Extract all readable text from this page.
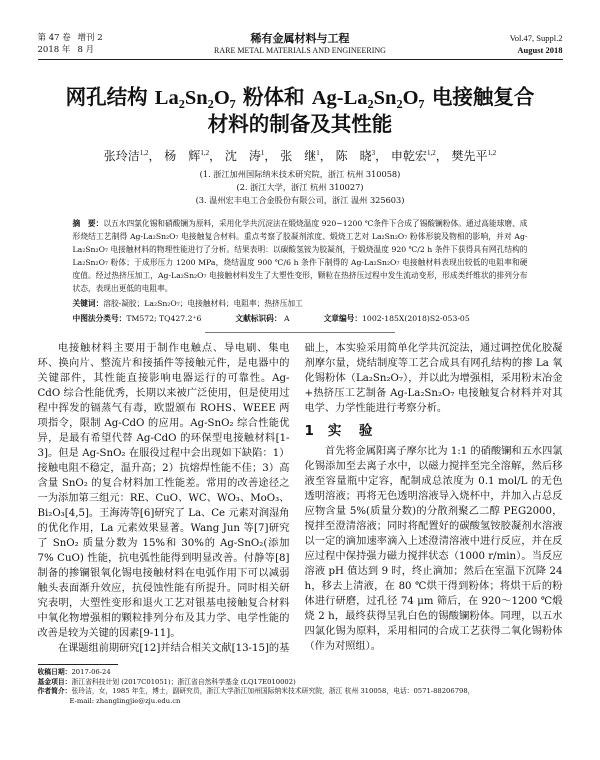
第 47 卷 增刊 2
2018 年 8 月
稀有金属材料与工程
RARE METAL MATERIALS AND ENGINEERING
Vol.47, Suppl.2
August 2018
网孔结构 La₂Sn₂O₇ 粉体和 Ag-La₂Sn₂O₇ 电接触复合
材料的制备及其性能
张玲洁$^{1,2}$， 杨　辉$^{1,2}$， 沈　涛$^1$， 张　继$^1$， 陈　晓$^3$， 申乾宏$^{1,2}$， 樊先平$^{1,2}$
(1. 浙江加州国际纳米技术研究院，浙江 杭州 310058)
(2. 浙江大学，浙江 杭州 310027)
(3. 温州宏丰电工合金股份有限公司，浙江 温州 325603)
摘　要：以五水四氯化锡和硝酸镧为原料，采用化学共沉淀法在煅烧温度 920~1200 ℃条件下合成了锡酸镧粉体。通过高能球磨、成形烧结工艺制得 Ag-La₂Sn₂O₇ 电接触复合材料。重点考察了胶凝剂浓度、煅烧工艺对 La₂Sn₂O₇ 粉体形貌及物相的影响，并对 Ag-La₂Sn₂O₇ 电接触材料的物理性能进行了分析。结果表明：以碳酸氢铵为胶凝剂，于煅烧温度 920 ℃/2 h 条件下获得具有网孔结构的 La₂Sn₂O₇ 粉体；于成形压力 1200 MPa，烧结温度 900 ℃/6 h 条件下制得的 Ag-La₂Sn₂O₇ 电接触材料表现出较低的电阻率和硬度值。经过热挤压加工，Ag-La₂Sn₂O₇ 电接触材料发生了大塑性变形，颗粒在热挤压过程中发生流动变形，形成类纤维状的排列分布状态，表现出更低的电阻率。
关键词：溶胶-凝胶；La₂Sn₂O₇；电接触材料；电阻率；热挤压加工
中图法分类号：TM572; TQ427.2⁺6	文献标识码： A	文章编号：1002-185X(2018)S2-053-05

电接触材料主要用于制作电触点、导电刷、集电环、换向片、整流片和接插件等接触元件，是电器中的关键部件，其性能直接影响电器运行的可靠性。Ag-CdO 综合性能优秀，长期以来被广泛使用，但是使用过程中挥发的镉蒸气有毒，欧盟颁布 ROHS、WEEE 两项指令，限制 Ag-CdO 的应用。Ag-SnO₂ 综合性能优异，是最有希望代替 Ag-CdO 的环保型电接触材料[1-3]。但是 Ag-SnO₂ 在服役过程中会出现如下缺陷：1）接触电阻不稳定，温升高；2）抗熔焊性能不佳；3）高含量 SnO₂ 的复合材料加工性能差。常用的改善途径之一为添加第三组元：RE、CuO、WC、WO₃、MoO₃、Bi₂O₃[4,5]。王海涛等[6]研究了 La、Ce 元素对润湿角的优化作用，La 元素效果显著。Wang Jun 等[7]研究了 SnO₂ 质量分数为 15%和 30%的 Ag-SnO₂(添加 7% CuO) 性能，抗电弧性能得到明显改善。付静等[8]制备的掺镧银氧化锡电接触材料在电弧作用下可以减弱触头表面渐升效应，抗侵蚀性能有所提升。同时相关研究表明，大塑性变形和退火工艺对银基电接触复合材料中氧化物增强相的颗粒排列分布及其力学、电学性能的改善是较为关键的因素[9-11]。

在课题组前期研究[12]并结合相关文献[13-15]的基

础上，本实验采用简单化学共沉淀法，通过调控优化胶凝剂摩尔量，烧结制度等工艺合成具有网孔结构的掺 La 氧化锡粉体（La₂Sn₂O₇），并以此为增强相，采用粉末冶金+热挤压工艺制备 Ag-La₂Sn₂O₇ 电接触复合材料并对其电学、力学性能进行考察分析。

1 实　验

首先将金属阳离子摩尔比为 1:1 的硝酸镧和五水四氯化锡添加至去离子水中，以磁力搅拌至完全溶解，然后移液至容量瓶中定容，配制成总浓度为 0.1 mol/L 的无色透明溶液；再将无色透明溶液导入烧杯中，并加入占总反应物含量 5%(质量分数)的分散剂聚乙二醇 PEG2000，搅拌至澄清溶液；同时将配置好的碳酸氢铵胶凝剂水溶液以一定的滴加速率滴入上述澄清溶液中进行反应，并在反应过程中保持强力磁力搅拌状态（1000 r/min）。当反应溶液 pH 值达到 9 时，终止滴加；然后在室温下沉降 24 h，移去上清液，在 80 ℃烘干得到粉体；将烘干后的粉体进行研磨，过孔径 74 μm 筛后，在 920～1200 ℃煅烧 2 h，最终获得呈乳白色的锡酸镧粉体。同理，以五水四氯化锡为原料，采用相同的合成工艺获得二氧化锡粉体（作为对照组）。

收稿日期：2017-06-24
基金项目：浙江省科技计划 (2017C01051)；浙江省自然科学基金 (LQ17E010002)
作者简介：张玲洁，女，1985 年生，博士，副研究员，浙江大学浙江加州国际纳米技术研究院，浙江 杭州 310058，电话：0571-88206798，
E-mail: zhanglingjie@zju.edu.cn
